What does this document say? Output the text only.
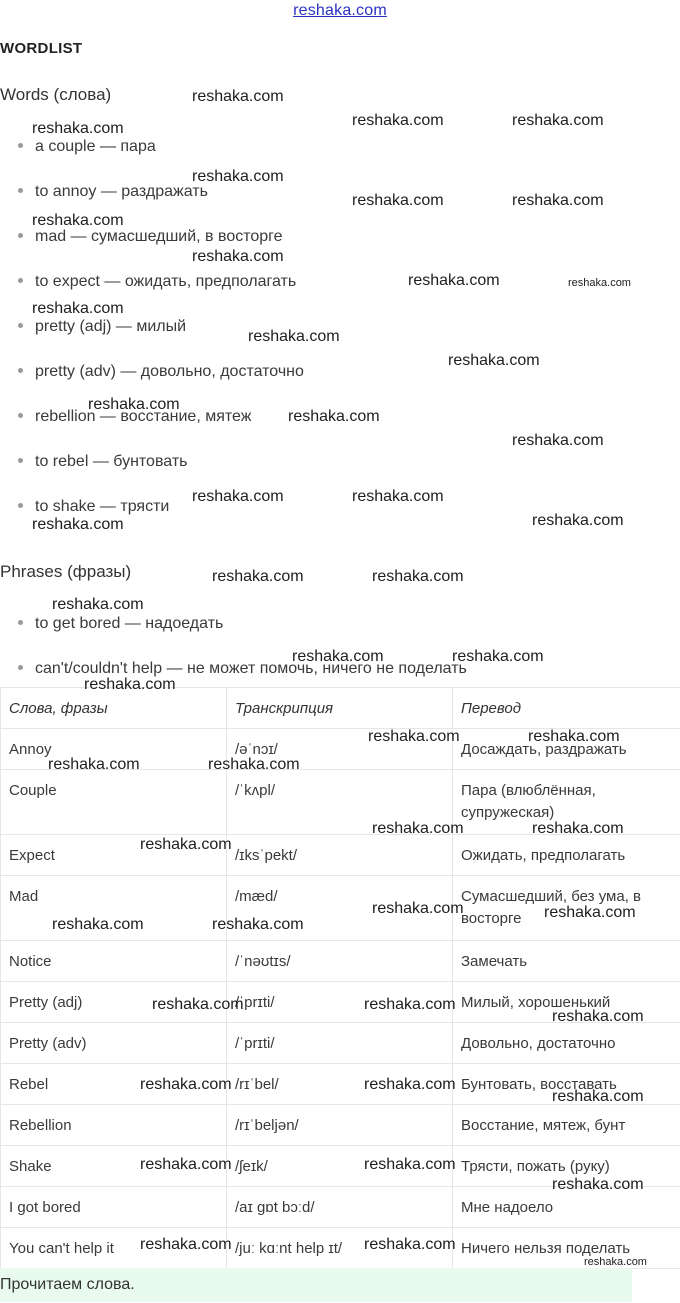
reshaka.com
WORDLIST
Words (слова)
a couple — пара
to annoy — раздражать
mad — сумасшедший, в восторге
to expect — ожидать, предполагать
pretty (adj) — милый
pretty (adv) — довольно, достаточно
rebellion — восстание, мятеж
to rebel — бунтовать
to shake — трясти
Phrases (фразы)
to get bored — надоедать
can't/couldn't help — не может помочь, ничего не поделать
Слова, фразы	Транскрипция	Перевод
Annoy	/əˈnɔɪ/	Досаждать, раздражать
Couple	/ˈkʌpl/	Пара (влюблённая, супружеская)
Expect	/ɪksˈpekt/	Ожидать, предполагать
Mad	/mæd/	Сумасшедший, без ума, в восторге
Notice	/ˈnəʊtɪs/	Замечать
Pretty (adj)	/ˈprɪti/	Милый, хорошенький
Pretty (adv)	/ˈprɪti/	Довольно, достаточно
Rebel	/rɪˈbel/	Бунтовать, восставать
Rebellion	/rɪˈbeljən/	Восстание, мятеж, бунт
Shake	/ʃeɪk/	Трясти, пожать (руку)
I got bored	/aɪ gɒt bɔːd/	Мне надоело
You can't help it	/juː kɑːnt help ɪt/	Ничего нельзя поделать
Прочитаем слова.
reshaka.com
reshaka.com	reshaka.com	reshaka.com
reshaka.com
reshaka.com	reshaka.com
reshaka.com
reshaka.com
reshaka.com	reshaka.com
reshaka.com
reshaka.com
reshaka.com
reshaka.com
reshaka.com
reshaka.com
reshaka.com	reshaka.com
reshaka.com	reshaka.com
reshaka.com	reshaka.com
reshaka.com
reshaka.com	reshaka.com
reshaka.com
reshaka.com	reshaka.com
reshaka.com	reshaka.com
reshaka.com	reshaka.com
reshaka.com
reshaka.com	reshaka.com
reshaka.com	reshaka.com
reshaka.com	reshaka.com
reshaka.com
reshaka.com	reshaka.com
reshaka.com
reshaka.com	reshaka.com
reshaka.com
reshaka.com	reshaka.com
reshaka.com
